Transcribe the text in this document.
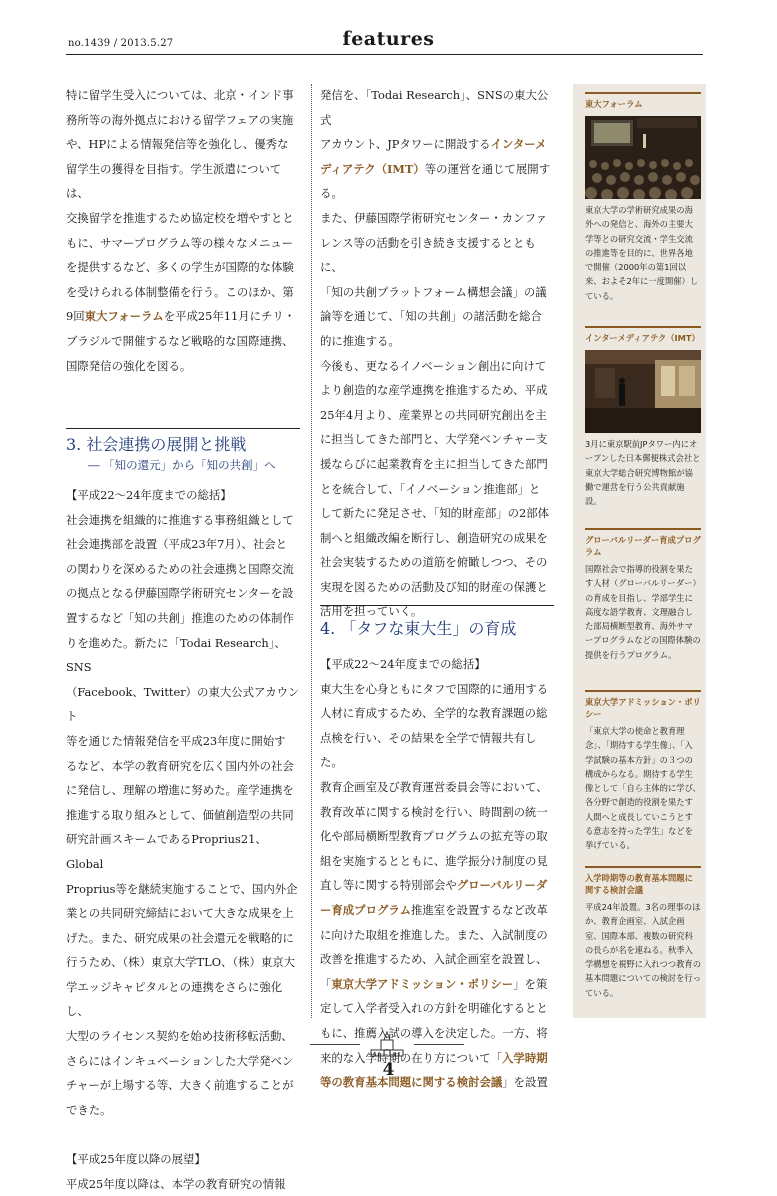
no.1439 / 2013.5.27	features

特に留学生受入については、北京・インド事

務所等の海外拠点における留学フェアの実施

や、HPによる情報発信等を強化し、優秀な

留学生の獲得を目指す。学生派遣については、

交換留学を推進するため協定校を増やすとと

もに、サマープログラム等の様々なメニュー

を提供するなど、多くの学生が国際的な体験

を受けられる体制整備を行う。このほか、第

9回東大フォーラムを平成25年11月にチリ・

ブラジルで開催するなど戦略的な国際連携、

国際発信の強化を図る。

3. 社会連携の展開と挑戦
― 「知の還元」から「知の共創」へ

【平成22〜24年度までの総括】

社会連携を組織的に推進する事務組織として

社会連携部を設置（平成23年7月）、社会と

の関わりを深めるための社会連携と国際交流

の拠点となる伊藤国際学術研究センターを設

置するなど「知の共創」推進のための体制作

りを進めた。新たに「Todai Research」、SNS

（Facebook、Twitter）の東大公式アカウント

等を通じた情報発信を平成23年度に開始す

るなど、本学の教育研究を広く国内外の社会

に発信し、理解の増進に努めた。産学連携を

推進する取り組みとして、価値創造型の共同

研究計画スキームであるProprius21、Global

Proprius等を継続実施することで、国内外企

業との共同研究締結において大きな成果を上

げた。また、研究成果の社会還元を戦略的に

行うため、（株）東京大学TLO、（株）東京大

学エッジキャピタルとの連携をさらに強化し、

大型のライセンス契約を始め技術移転活動、

さらにはインキュベーションした大学発ベン

チャーが上場する等、大きく前進することが

できた。

【平成25年度以降の展望】

平成25年度以降は、本学の教育研究の情報

発信を、「Todai Research」、SNSの東大公式

アカウント、JPタワーに開設するインターメ

ディアテク（IMT）等の運営を通じて展開する。

また、伊藤国際学術研究センター・カンファ

レンス等の活動を引き続き支援するとともに、

「知の共創プラットフォーム構想会議」の議

論等を通じて、「知の共創」の諸活動を総合

的に推進する。

今後も、更なるイノベーション創出に向けて

より創造的な産学連携を推進するため、平成

25年4月より、産業界との共同研究創出を主

に担当してきた部門と、大学発ベンチャー支

援ならびに起業教育を主に担当してきた部門

とを統合して、「イノベーション推進部」と

して新たに発足させ、「知的財産部」の2部体

制へと組織改編を断行し、創造研究の成果を

社会実装するための道筋を俯瞰しつつ、その

実現を図るための活動及び知的財産の保護と

活用を担っていく。

4. 「タフな東大生」の育成

【平成22〜24年度までの総括】

東大生を心身ともにタフで国際的に通用する

人材に育成するため、全学的な教育課題の総

点検を行い、その結果を全学で情報共有した。

教育企画室及び教育運営委員会等において、

教育改革に関する検討を行い、時間割の統一

化や部局横断型教育プログラムの拡充等の取

組を実施するとともに、進学振分け制度の見

直し等に関する特別部会やグローバルリーダ

ー育成プログラム推進室を設置するなど改革

に向けた取組を推進した。また、入試制度の

改善を推進するため、入試企画室を設置し、

「東京大学アドミッション・ポリシー」を策

定して入学者受入れの方針を明確化するとと

もに、推薦入試の導入を決定した。一方、将

来的な入学時期の在り方について「入学時期

等の教育基本問題に関する検討会議」を設置

東大フォーラム
東京大学の学術研究成果の海外への発信と、海外の主要大学等との研究交流・学生交流の推進等を目的に、世界各地で開催（2000年の第1回以来、およそ2年に一度開催）している。
インターメディアテク（IMT）
3月に東京駅前JPタワー内にオープンした日本郵便株式会社と東京大学総合研究博物館が協働で運営を行う公共貢献施設。
グローバルリーダー育成プログラム
国際社会で指導的役割を果たす人材（グローバルリーダー）の育成を目指し、学部学生に高度な語学教育、文理融合した部局横断型教育、海外サマープログラムなどの国際体験の提供を行うプログラム。
東京大学アドミッション・ポリシー
「東京大学の使命と教育理念」、「期待する学生像」、「入学試験の基本方針」の３つの構成からなる。期待する学生像として「自ら主体的に学び、各分野で創造的役割を果たす人間へと成長していこうとする意志を持った学生」などを挙げている。
入学時期等の教育基本問題に関する検討会議
平成24年設置。3名の理事のほか、教育企画室、入試企画室、国際本部、複数の研究科の長らが名を連ねる。秋季入学構想を視野に入れつつ教育の基本問題についての検討を行っている。
4
